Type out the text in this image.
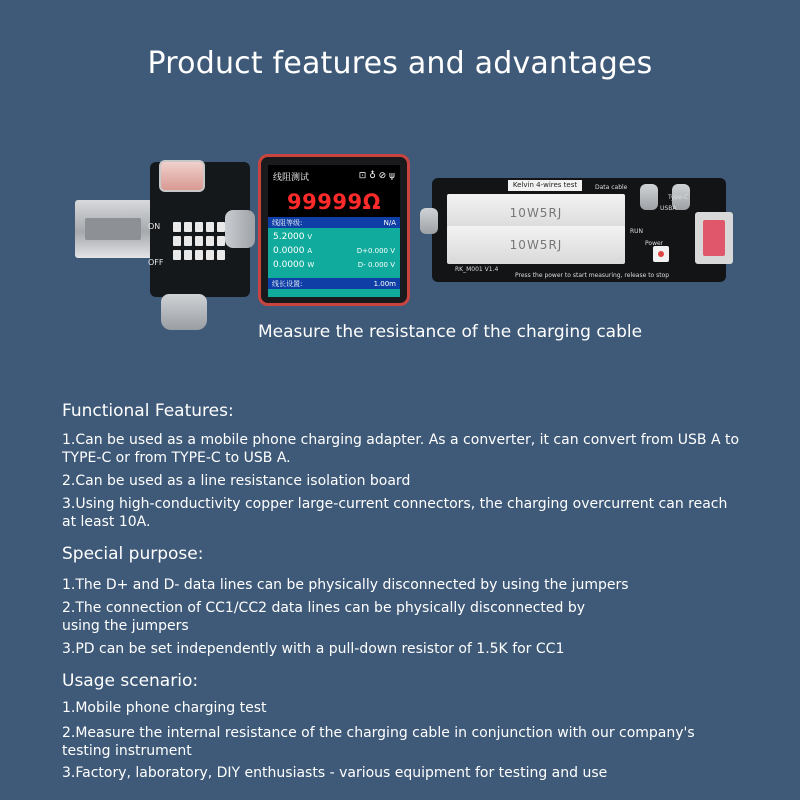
Product features and advantages
ON
OFF
线阻测试	⊡ ♁ ⊘ ψ
99999Ω
线阻等级:	N/A
5.2000 V
0.0000 A	D+0.000 V
0.0000 W	D- 0.000 V
线长设置:	1.00m
Kelvin 4-wires test
10W5RJ
10W5RJ
RK_M001 V1.4
Press the power to start measuring, release to stop
RUN
Power
USBA
Type-C
Data cable
Measure the resistance of the charging cable
Functional Features:

1.Can be used as a mobile phone charging adapter. As a converter, it can convert from USB A to TYPE-C or from TYPE-C to USB A.

2.Can be used as a line resistance isolation board

3.Using high-conductivity copper large-current connectors, the charging overcurrent can reach at least 10A.

Special purpose:

1.The D+ and D- data lines can be physically disconnected by using the jumpers

2.The connection of CC1/CC2 data lines can be physically disconnected by using the jumpers

3.PD can be set independently with a pull-down resistor of 1.5K for CC1

Usage scenario:

1.Mobile phone charging test

2.Measure the internal resistance of the charging cable in conjunction with our company's testing instrument

3.Factory, laboratory, DIY enthusiasts - various equipment for testing and use
